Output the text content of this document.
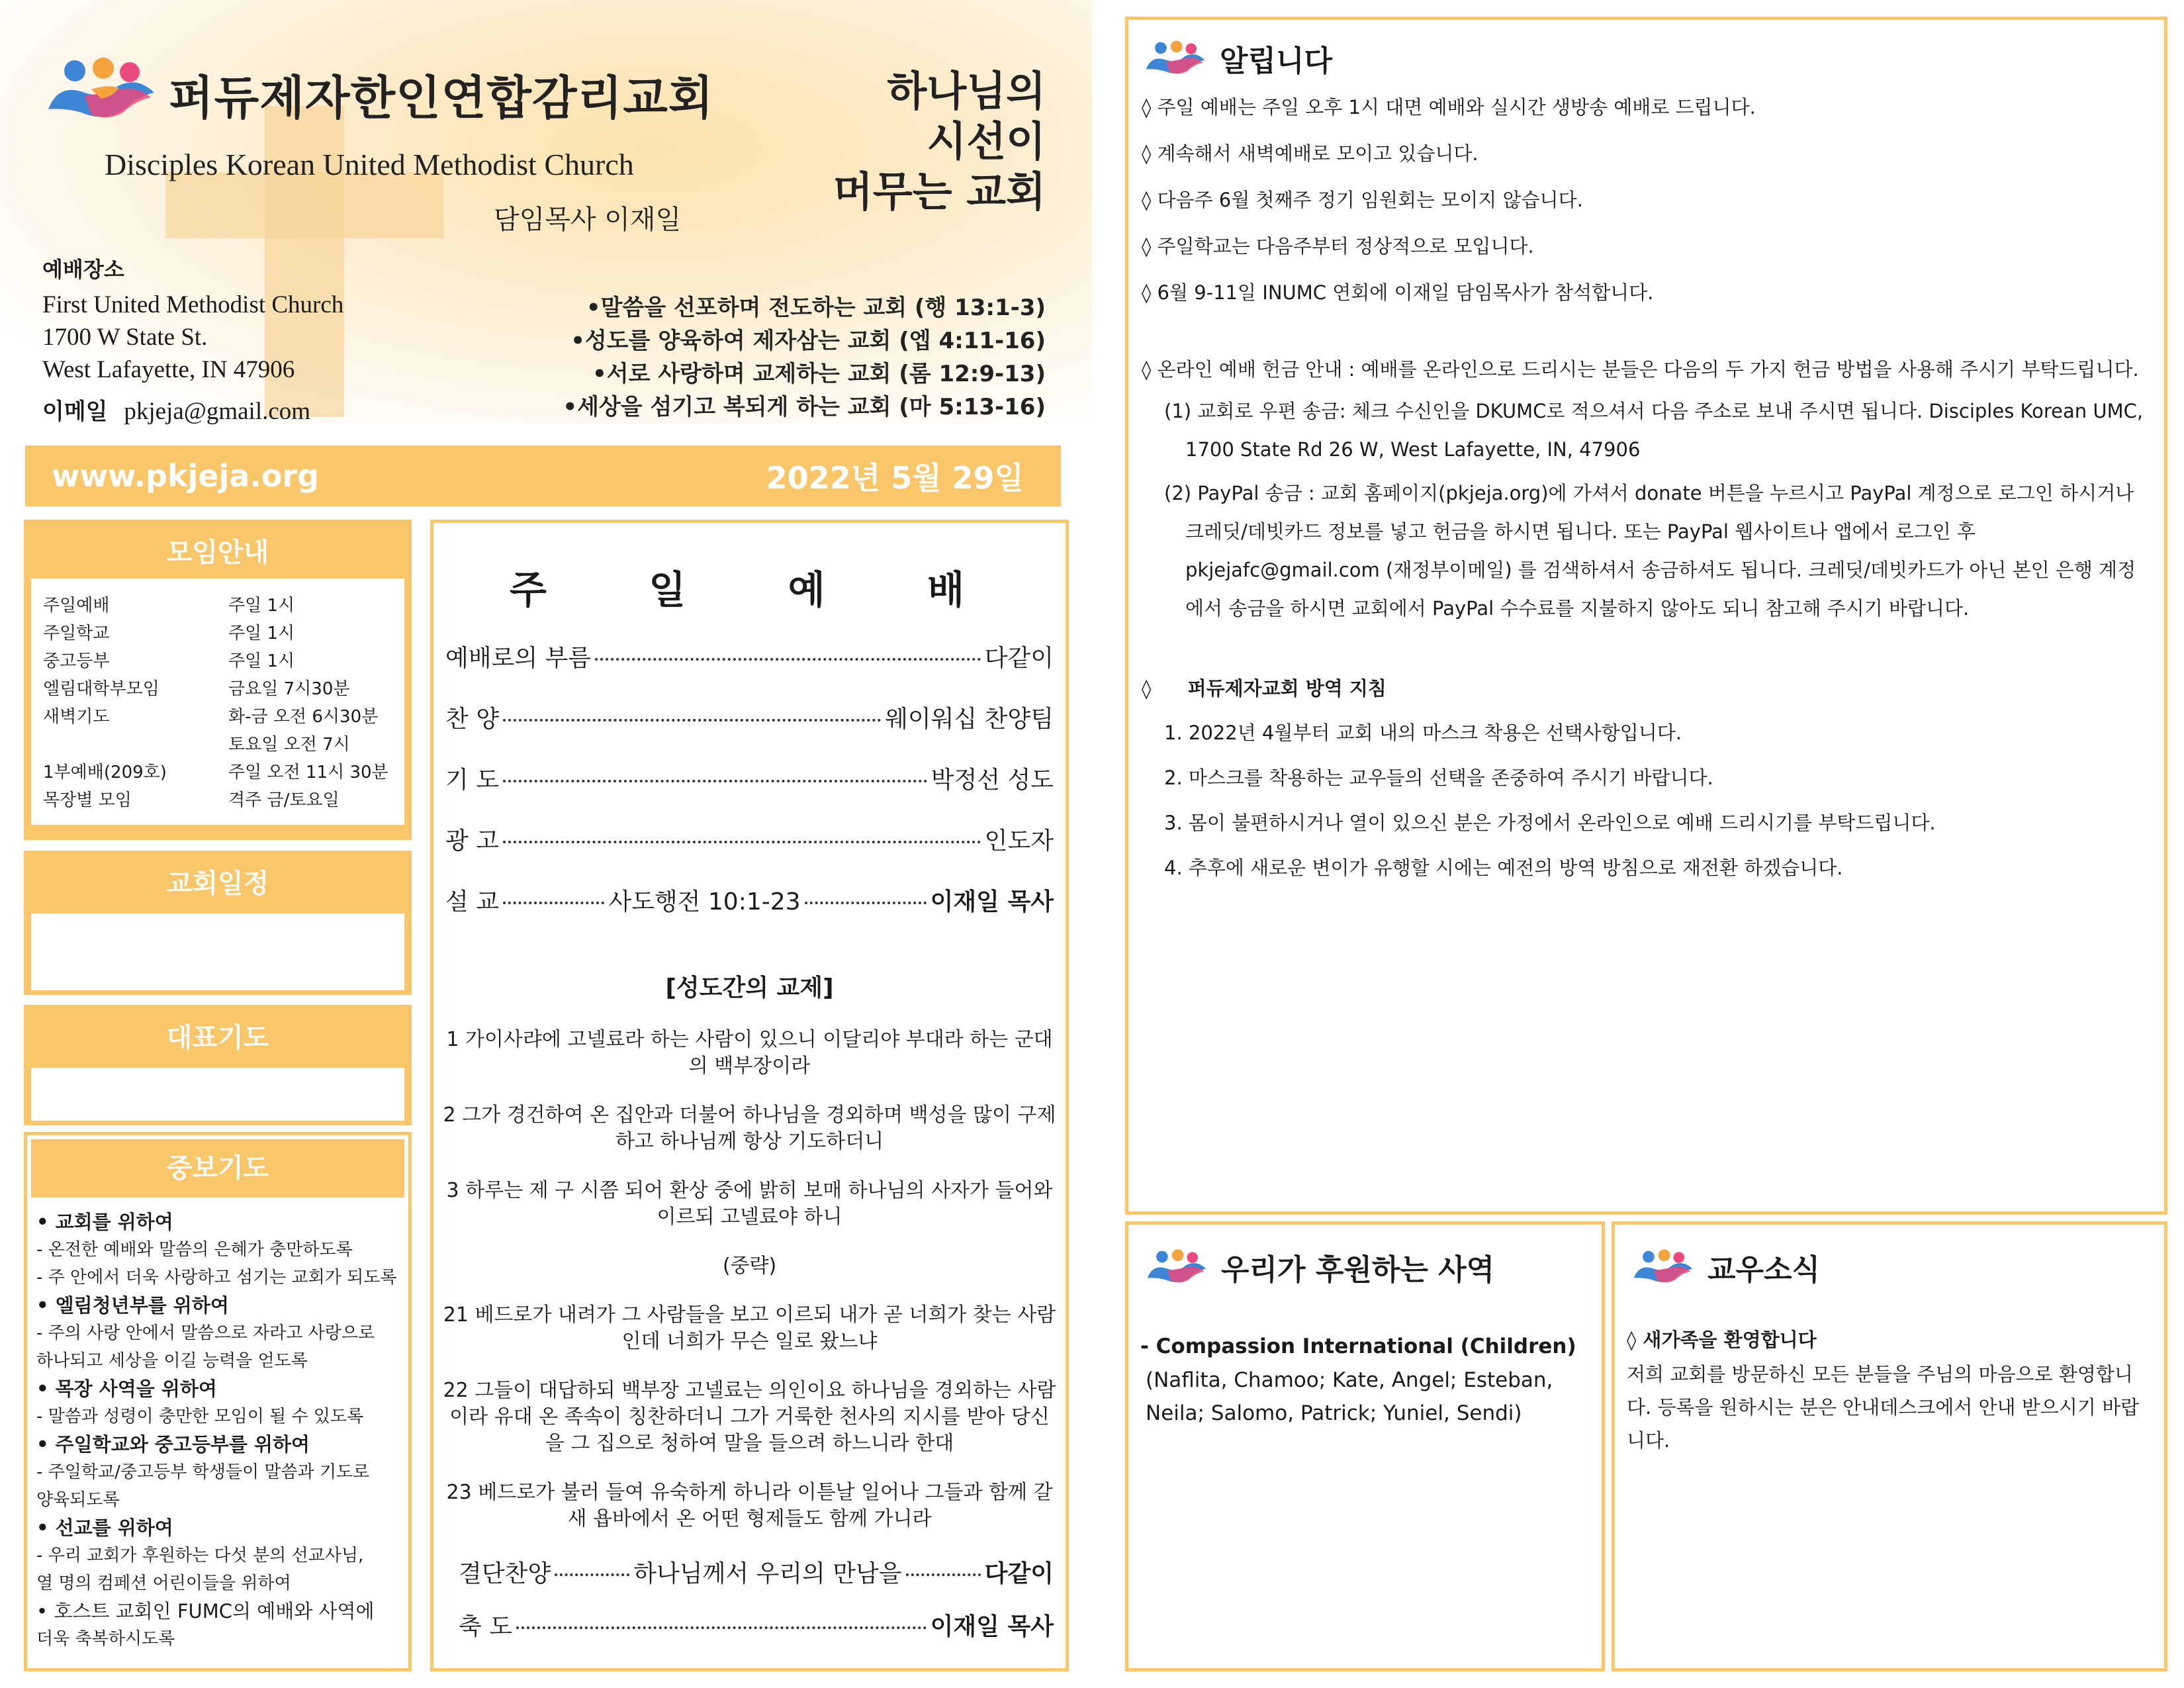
퍼듀제자한인연합감리교회
Disciples Korean United Methodist Church
담임목사 이재일
하나님의
시선이
머무는 교회
예배장소
First United Methodist Church
1700 W State St.
West Lafayette, IN 47906
이메일 pkjeja@gmail.com
•말씀을 선포하며 전도하는 교회 (행 13:1-3)
•성도를 양육하여 제자삼는 교회 (엡 4:11-16)
•서로 사랑하며 교제하는 교회 (롬 12:9-13)
•세상을 섬기고 복되게 하는 교회 (마 5:13-16)
www.pkjeja.org	2022년 5월 29일
모임안내
주일예배	주일 1시
주일학교	주일 1시
중고등부	주일 1시
엘림대학부모임	금요일 7시30분
새벽기도	화-금 오전 6시30분
토요일 오전 7시
1부예배(209호)	주일 오전 11시 30분
목장별 모임	격주 금/토요일
교회일정
대표기도
중보기도
• 교회를 위하여
- 온전한 예배와 말씀의 은혜가 충만하도록
- 주 안에서 더욱 사랑하고 섬기는 교회가 되도록
• 엘림청년부를 위하여
- 주의 사랑 안에서 말씀으로 자라고 사랑으로
하나되고 세상을 이길 능력을 얻도록
• 목장 사역을 위하여
- 말씀과 성령이 충만한 모임이 될 수 있도록
• 주일학교와 중고등부를 위하여
- 주일학교/중고등부 학생들이 말씀과 기도로
양육되도록
• 선교를 위하여
- 우리 교회가 후원하는 다섯 분의 선교사님,
열 명의 컴페션 어린이들을 위하여
• 호스트 교회인 FUMC의 예배와 사역에
더욱 축복하시도록
주  일  예  배
예배로의 부름	다같이
찬 양	웨이워십 찬양팀
기 도	박정선 성도
광 고	인도자
설 교	사도행전 10:1-23	이재일 목사
[성도간의 교제]

1 가이사랴에 고넬료라 하는 사람이 있으니 이달리야 부대라 하는 군대의 백부장이라

2 그가 경건하여 온 집안과 더불어 하나님을 경외하며 백성을 많이 구제하고 하나님께 항상 기도하더니

3 하루는 제 구 시쯤 되어 환상 중에 밝히 보매 하나님의 사자가 들어와 이르되 고넬료야 하니

(중략)

21 베드로가 내려가 그 사람들을 보고 이르되 내가 곧 너희가 찾는 사람인데 너희가 무슨 일로 왔느냐

22 그들이 대답하되 백부장 고넬료는 의인이요 하나님을 경외하는 사람이라 유대 온 족속이 칭찬하더니 그가 거룩한 천사의 지시를 받아 당신을 그 집으로 청하여 말을 들으려 하느니라 한대

23 베드로가 불러 들여 유숙하게 하니라 이튿날 일어나 그들과 함께 갈새 욥바에서 온 어떤 형제들도 함께 가니라

결단찬양	하나님께서 우리의 만남을	다같이
축 도	이재일 목사
알립니다
◊ 주일 예배는 주일 오후 1시 대면 예배와 실시간 생방송 예배로 드립니다.
◊ 계속해서 새벽예배로 모이고 있습니다.
◊ 다음주 6월 첫째주 정기 임원회는 모이지 않습니다.
◊ 주일학교는 다음주부터 정상적으로 모입니다.
◊ 6월 9-11일 INUMC 연회에 이재일 담임목사가 참석합니다.
◊ 온라인 예배 헌금 안내 : 예배를 온라인으로 드리시는 분들은 다음의 두 가지 헌금 방법을 사용해 주시기 부탁드립니다.
(1) 교회로 우편 송금: 체크 수신인을 DKUMC로 적으셔서 다음 주소로 보내 주시면 됩니다. Disciples Korean UMC, 1700 State Rd 26 W, West Lafayette, IN, 47906
(2) PayPal 송금 : 교회 홈페이지(pkjeja.org)에 가셔서 donate 버튼을 누르시고 PayPal 계정으로 로그인 하시거나 크레딧/데빗카드 정보를 넣고 헌금을 하시면 됩니다. 또는 PayPal 웹사이트나 앱에서 로그인 후 pkjejafc@gmail.com (재정부이메일) 를 검색하셔서 송금하셔도 됩니다. 크레딧/데빗카드가 아닌 본인 은행 계정에서 송금을 하시면 교회에서 PayPal 수수료를 지불하지 않아도 되니 참고해 주시기 바랍니다.
◊ 퍼듀제자교회 방역 지침
1. 2022년 4월부터 교회 내의 마스크 착용은 선택사항입니다.
2. 마스크를 착용하는 교우들의 선택을 존중하여 주시기 바랍니다.
3. 몸이 불편하시거나 열이 있으신 분은 가정에서 온라인으로 예배 드리시기를 부탁드립니다.
4. 추후에 새로운 변이가 유행할 시에는 예전의 방역 방침으로 재전환 하겠습니다.
우리가 후원하는 사역
- Compassion International (Children)
(Naflita, Chamoo; Kate, Angel; Esteban, Neila; Salomo, Patrick; Yuniel, Sendi)
교우소식
◊ 새가족을 환영합니다
저희 교회를 방문하신 모든 분들을 주님의 마음으로 환영합니다. 등록을 원하시는 분은 안내데스크에서 안내 받으시기 바랍니다.
